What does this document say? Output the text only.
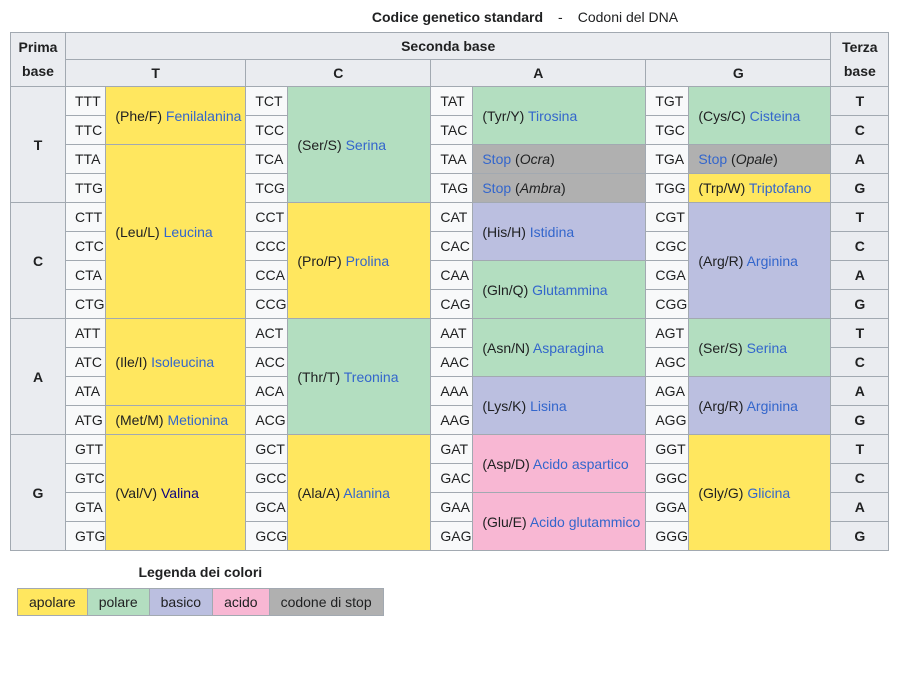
Codice genetico standard - Codoni del DNA
Prima base	Seconda base								Terza base
	T		C		A		G		
T	TTT	(Phe/F) Fenilalanina	TCT	(Ser/S) Serina	TAT	(Tyr/Y) Tirosina	TGT	(Cys/C) Cisteina	T
	TTC		TCC		TAC		TGC		C
	TTA	(Leu/L) Leucina	TCA		TAA	Stop (Ocra)	TGA	Stop (Opale)	A
	TTG		TCG		TAG	Stop (Ambra)	TGG	(Trp/W) Triptofano	G
C	CTT		CCT	(Pro/P) Prolina	CAT	(His/H) Istidina	CGT	(Arg/R) Arginina	T
	CTC		CCC		CAC		CGC		C
	CTA		CCA		CAA	(Gln/Q) Glutammina	CGA		A
	CTG		CCG		CAG		CGG		G
A	ATT	(Ile/I) Isoleucina	ACT	(Thr/T) Treonina	AAT	(Asn/N) Asparagina	AGT	(Ser/S) Serina	T
	ATC		ACC		AAC		AGC		C
	ATA		ACA		AAA	(Lys/K) Lisina	AGA	(Arg/R) Arginina	A
	ATG	(Met/M) Metionina	ACG		AAG		AGG		G
G	GTT	(Val/V) Valina	GCT	(Ala/A) Alanina	GAT	(Asp/D) Acido aspartico	GGT	(Gly/G) Glicina	T
	GTC		GCC		GAC		GGC		C
	GTA		GCA		GAA	(Glu/E) Acido glutammico	GGA		A
	GTG		GCG		GAG		GGG		G
Legenda dei colori
apolare	polare	basico	acido	codone di stop
